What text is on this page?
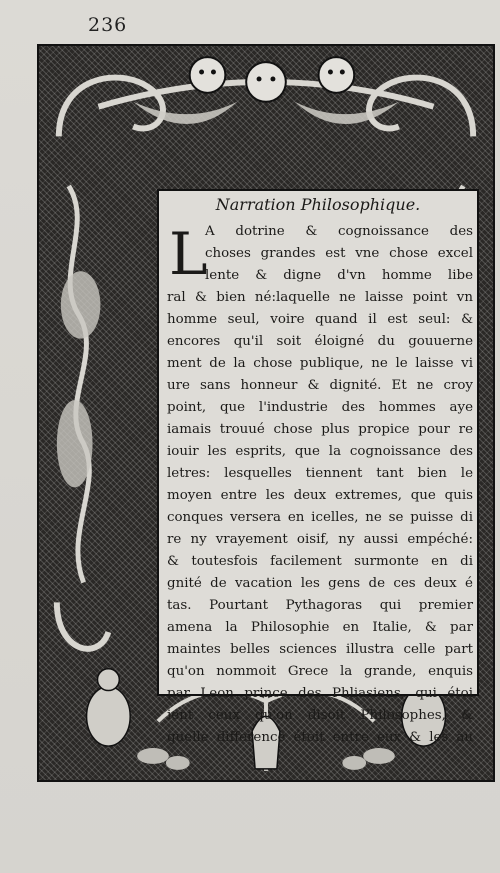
236
Narration Philosophique.
L
A dotrine & cognoissance des
choses grandes est vne chose excel
lente & digne d'vn homme libe
ral & bien né:laquelle ne laisse point vn
homme seul, voire quand il est seul: &
encores qu'il soit éloigné du gouuerne
ment de la chose publique, ne le laisse vi
ure sans honneur & dignité. Et ne croy
point, que l'industrie des hommes aye
iamais trouué chose plus propice pour re
iouir les esprits, que la cognoissance des
letres: lesquelles tiennent tant bien le
moyen entre les deux extremes, que quis
conques versera en icelles, ne se puisse di
re ny vrayement oisif, ny aussi empéché:
& toutesfois facilement surmonte en di
gnité de vacation les gens de ces deux é
tas. Pourtant Pythagoras qui premier
amena la Philosophie en Italie, & par
maintes belles sciences illustra celle part
qu'on nommoit Grece la grande, enquis
par Leon prince des Phliasiens, qui étoi
ient ceux qu'on disoit Philosophes, &
quelle difference étoit entre eux & les au
